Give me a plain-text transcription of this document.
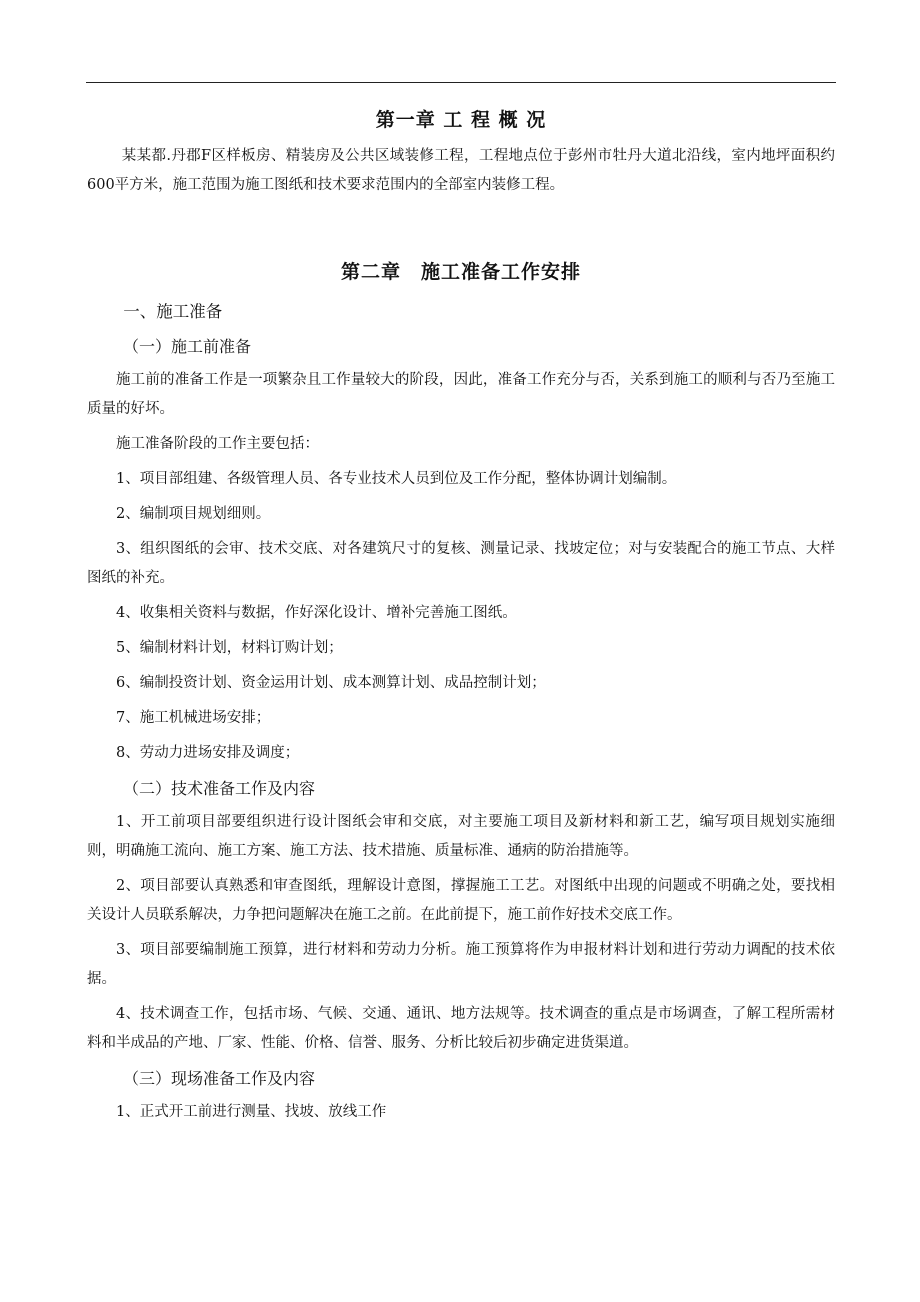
第一章 工 程 概 况

某某都.丹郡F区样板房、精装房及公共区域装修工程，工程地点位于彭州市牡丹大道北沿线，室内地坪面积约600平方米，施工范围为施工图纸和技术要求范围内的全部室内装修工程。

第二章　施工准备工作安排
一、施工准备
（一）施工前准备

施工前的准备工作是一项繁杂且工作量较大的阶段，因此，准备工作充分与否，关系到施工的顺利与否乃至施工质量的好坏。

施工准备阶段的工作主要包括：

1、项目部组建、各级管理人员、各专业技术人员到位及工作分配，整体协调计划编制。

2、编制项目规划细则。

3、组织图纸的会审、技术交底、对各建筑尺寸的复核、测量记录、找坡定位；对与安装配合的施工节点、大样图纸的补充。

4、收集相关资料与数据，作好深化设计、增补完善施工图纸。

5、编制材料计划，材料订购计划；

6、编制投资计划、资金运用计划、成本测算计划、成品控制计划；

7、施工机械进场安排；

8、劳动力进场安排及调度；

（二）技术准备工作及内容

1、开工前项目部要组织进行设计图纸会审和交底，对主要施工项目及新材料和新工艺，编写项目规划实施细则，明确施工流向、施工方案、施工方法、技术措施、质量标准、通病的防治措施等。

2、项目部要认真熟悉和审查图纸，理解设计意图，撑握施工工艺。对图纸中出现的问题或不明确之处，要找相关设计人员联系解决，力争把问题解决在施工之前。在此前提下，施工前作好技术交底工作。

3、项目部要编制施工预算，进行材料和劳动力分析。施工预算将作为申报材料计划和进行劳动力调配的技术依据。

4、技术调查工作，包括市场、气候、交通、通讯、地方法规等。技术调查的重点是市场调查，了解工程所需材料和半成品的产地、厂家、性能、价格、信誉、服务、分析比较后初步确定进货渠道。

（三）现场准备工作及内容

1、正式开工前进行测量、找坡、放线工作
